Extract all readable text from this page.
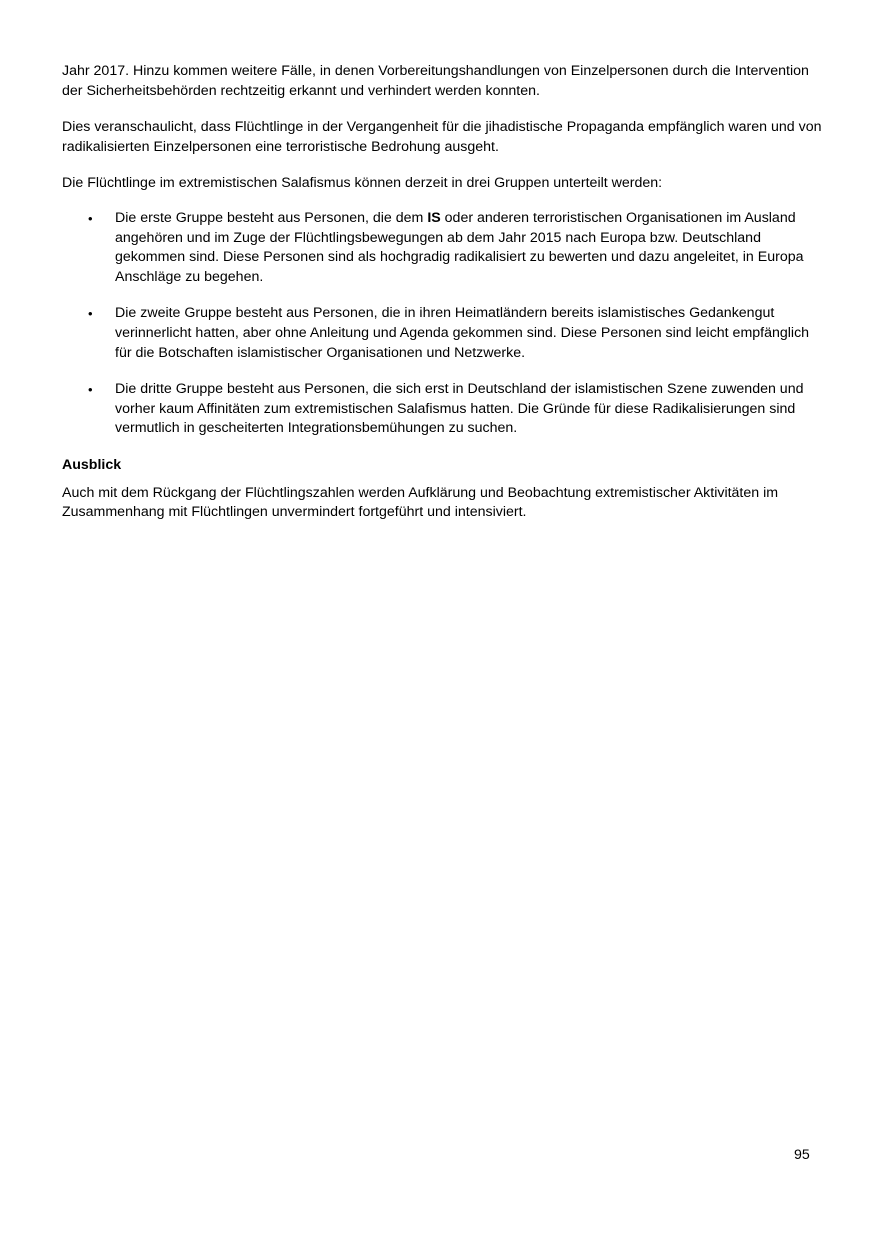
Jahr 2017. Hinzu kommen weitere Fälle, in denen Vorbereitungshandlungen von Einzelpersonen durch die Intervention der Sicherheitsbehörden rechtzeitig erkannt und verhindert werden konnten.

Dies veranschaulicht, dass Flüchtlinge in der Vergangenheit für die jihadistische Propaganda empfänglich waren und von radikalisierten Einzelpersonen eine terroristische Bedrohung ausgeht.

Die Flüchtlinge im extremistischen Salafismus können derzeit in drei Gruppen unterteilt werden:

• Die erste Gruppe besteht aus Personen, die dem IS oder anderen terroristischen Organisationen im Ausland angehören und im Zuge der Flüchtlingsbewegungen ab dem Jahr 2015 nach Europa bzw. Deutschland gekommen sind. Diese Personen sind als hochgradig radikalisiert zu bewerten und dazu angeleitet, in Europa Anschläge zu begehen.
• Die zweite Gruppe besteht aus Personen, die in ihren Heimatländern bereits islamistisches Gedankengut verinnerlicht hatten, aber ohne Anleitung und Agenda gekommen sind. Diese Personen sind leicht empfänglich für die Botschaften islamistischer Organisationen und Netzwerke.
• Die dritte Gruppe besteht aus Personen, die sich erst in Deutschland der islamistischen Szene zuwenden und vorher kaum Affinitäten zum extremistischen Salafismus hatten. Die Gründe für diese Radikalisierungen sind vermutlich in gescheiterten Integrationsbemühungen zu suchen.
Ausblick

Auch mit dem Rückgang der Flüchtlingszahlen werden Aufklärung und Beobachtung extremistischer Aktivitäten im Zusammenhang mit Flüchtlingen unvermindert fortgeführt und intensiviert.

95
